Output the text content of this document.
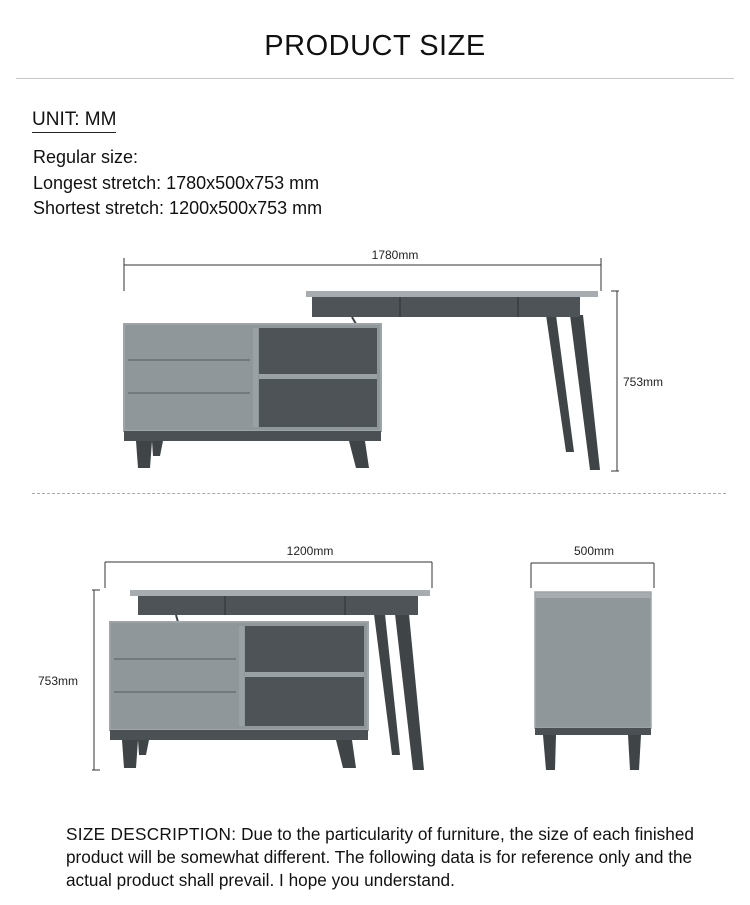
PRODUCT SIZE
UNIT: MM
Regular size:
Longest stretch: 1780x500x753 mm
Shortest stretch: 1200x500x753 mm
1780mm
753mm
1200mm
753mm
500mm
SIZE DESCRIPTION: Due to the particularity of furniture, the size of each finished product will be somewhat different. The following data is for reference only and the actual product shall prevail. I hope you understand.
